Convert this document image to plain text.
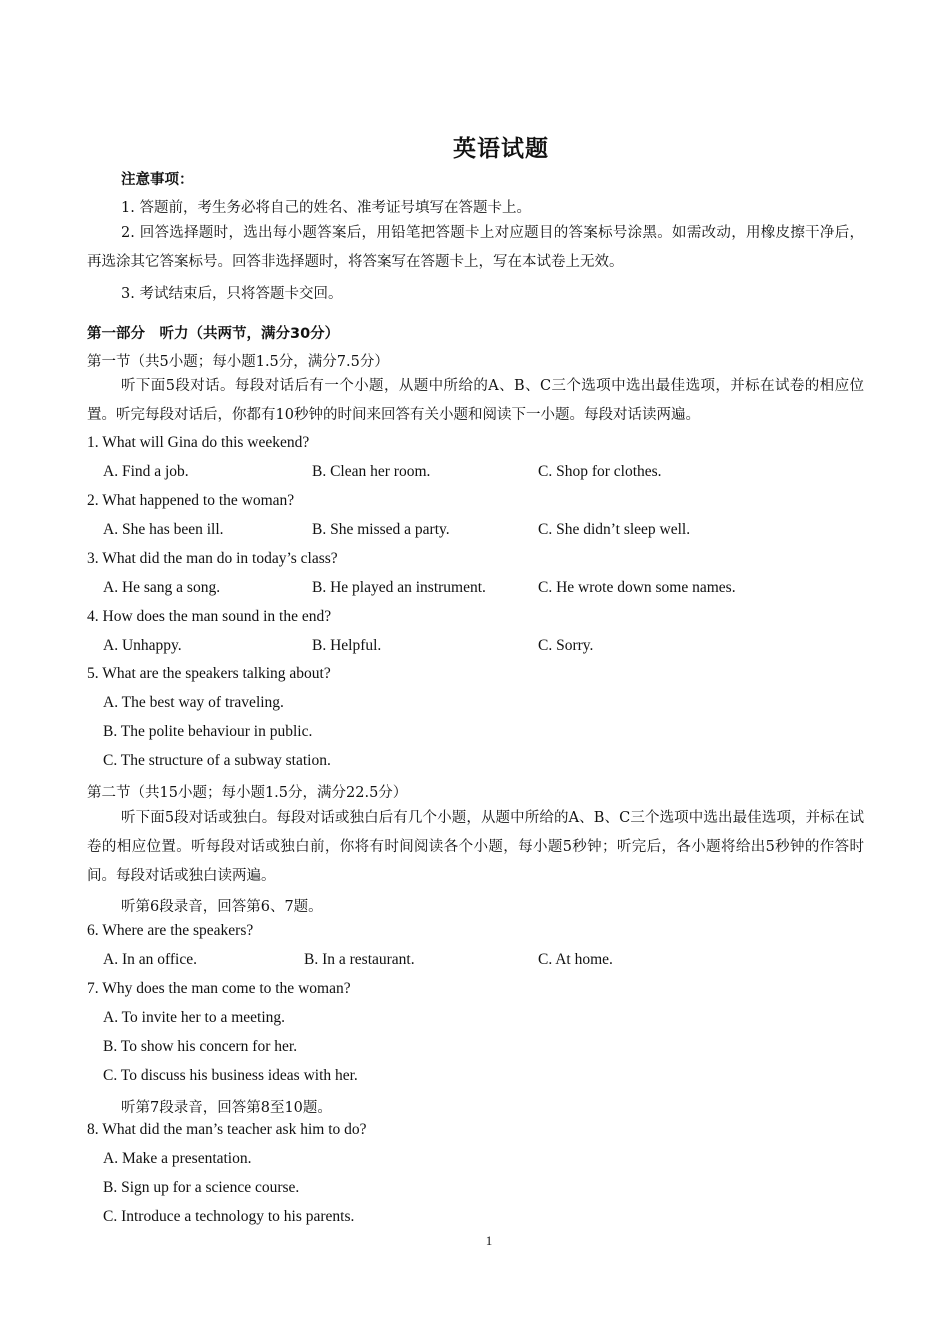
英语试题
注意事项：
1. 答题前，考生务必将自己的姓名、准考证号填写在答题卡上。
2. 回答选择题时，选出每小题答案后，用铅笔把答题卡上对应题目的答案标号涂黑。如需改动，用橡皮擦干净后，再选涂其它答案标号。回答非选择题时，将答案写在答题卡上，写在本试卷上无效。
3. 考试结束后，只将答题卡交回。
第一部分　听力（共两节，满分30分）
第一节（共5小题；每小题1.5分，满分7.5分）
听下面5段对话。每段对话后有一个小题，从题中所给的A、B、C三个选项中选出最佳选项，并标在试卷的相应位置。听完每段对话后，你都有10秒钟的时间来回答有关小题和阅读下一小题。每段对话读两遍。
1. What will Gina do this weekend?
A. Find a job.	B. Clean her room.	C. Shop for clothes.
2. What happened to the woman?
A. She has been ill.	B. She missed a party.	C. She didn’t sleep well.
3. What did the man do in today’s class?
A. He sang a song.	B. He played an instrument.	C. He wrote down some names.
4. How does the man sound in the end?
A. Unhappy.	B. Helpful.	C. Sorry.
5. What are the speakers talking about?
A. The best way of traveling.
B. The polite behaviour in public.
C. The structure of a subway station.
第二节（共15小题；每小题1.5分，满分22.5分）
听下面5段对话或独白。每段对话或独白后有几个小题，从题中所给的A、B、C三个选项中选出最佳选项，并标在试卷的相应位置。听每段对话或独白前，你将有时间阅读各个小题，每小题5秒钟；听完后，各小题将给出5秒钟的作答时间。每段对话或独白读两遍。
听第6段录音，回答第6、7题。
6. Where are the speakers?
A. In an office.	B. In a restaurant.	C. At home.
7. Why does the man come to the woman?
A. To invite her to a meeting.
B. To show his concern for her.
C. To discuss his business ideas with her.
听第7段录音，回答第8至10题。
8. What did the man’s teacher ask him to do?
A. Make a presentation.
B. Sign up for a science course.
C. Introduce a technology to his parents.
1
